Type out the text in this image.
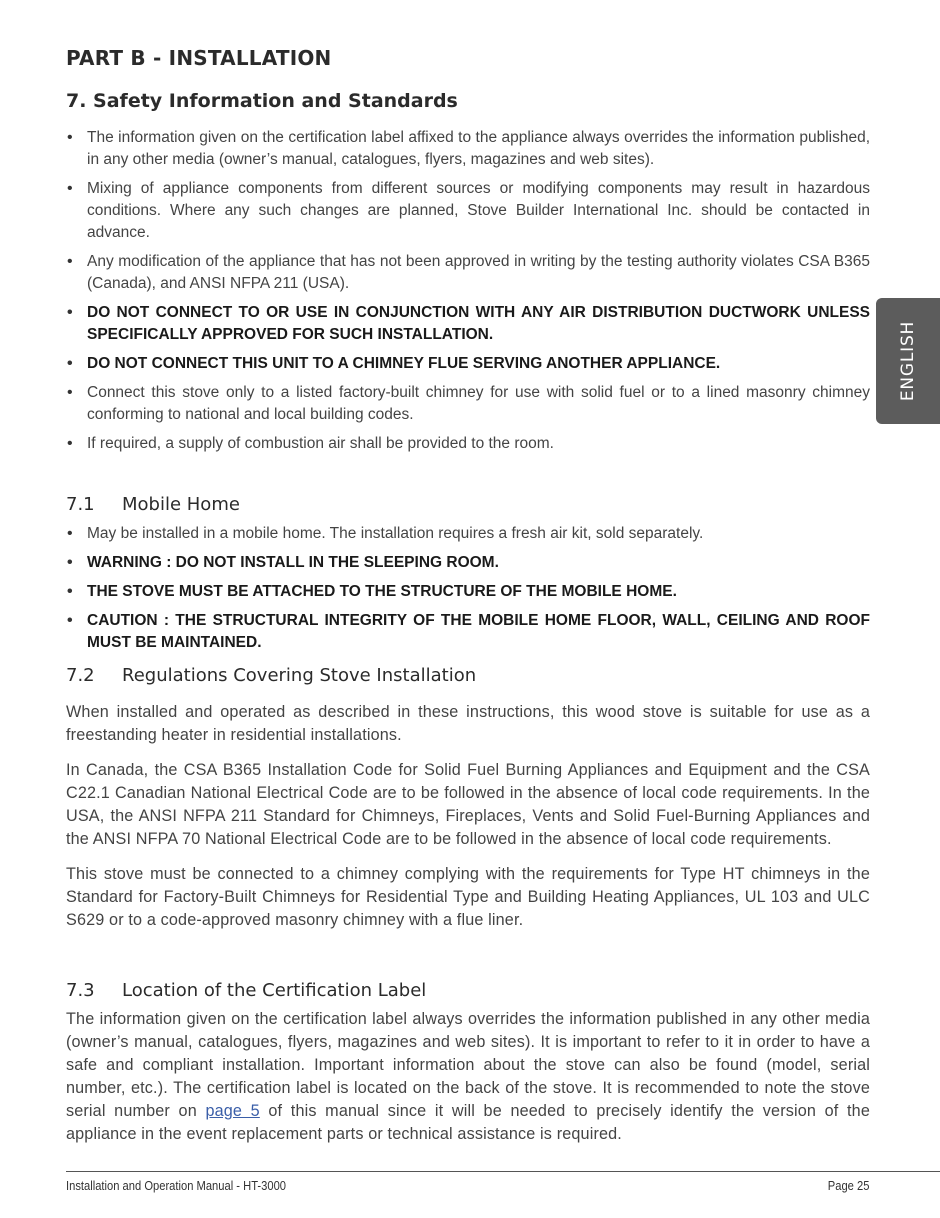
PART B - INSTALLATION
7. Safety Information and Standards
• The information given on the certification label affixed to the appliance always overrides the information published, in any other media (owner’s manual, catalogues, flyers, magazines and web sites).
• Mixing of appliance components from different sources or modifying components may result in hazardous conditions. Where any such changes are planned, Stove Builder International Inc. should be contacted in advance.
• Any modification of the appliance that has not been approved in writing by the testing authority violates CSA B365 (Canada), and ANSI NFPA 211 (USA).
• DO NOT CONNECT TO OR USE IN CONJUNCTION WITH ANY AIR DISTRIBUTION DUCTWORK UNLESS SPECIFICALLY APPROVED FOR SUCH INSTALLATION.
• DO NOT CONNECT THIS UNIT TO A CHIMNEY FLUE SERVING ANOTHER APPLIANCE.
• Connect this stove only to a listed factory-built chimney for use with solid fuel or to a lined masonry chimney conforming to national and local building codes.
• If required, a supply of combustion air shall be provided to the room.
7.1 Mobile Home
• May be installed in a mobile home. The installation requires a fresh air kit, sold separately.
• WARNING : DO NOT INSTALL IN THE SLEEPING ROOM.
• THE STOVE MUST BE ATTACHED TO THE STRUCTURE OF THE MOBILE HOME.
• CAUTION : THE STRUCTURAL INTEGRITY OF THE MOBILE HOME FLOOR, WALL, CEILING AND ROOF MUST BE MAINTAINED.
7.2 Regulations Covering Stove Installation

When installed and operated as described in these instructions, this wood stove is suitable for use as a freestanding heater in residential installations.

In Canada, the CSA B365 Installation Code for Solid Fuel Burning Appliances and Equipment and the CSA C22.1 Canadian National Electrical Code are to be followed in the absence of local code requirements. In the USA, the ANSI NFPA 211 Standard for Chimneys, Fireplaces, Vents and Solid Fuel-Burning Appliances and the ANSI NFPA 70 National Electrical Code are to be followed in the absence of local code requirements.

This stove must be connected to a chimney complying with the requirements for Type HT chimneys in the Standard for Factory-Built Chimneys for Residential Type and Building Heating Appliances, UL 103 and ULC S629 or to a code-approved masonry chimney with a flue liner.

7.3 Location of the Certification Label

The information given on the certification label always overrides the information published in any other media (owner’s manual, catalogues, flyers, magazines and web sites). It is important to refer to it in order to have a safe and compliant installation. Important information about the stove can also be found (model, serial number, etc.). The certification label is located on the back of the stove. It is recommended to note the stove serial number on page 5 of this manual since it will be needed to precisely identify the version of the appliance in the event replacement parts or technical assistance is required.

ENGLISH
Installation and Operation Manual - HT-3000	Page 25
